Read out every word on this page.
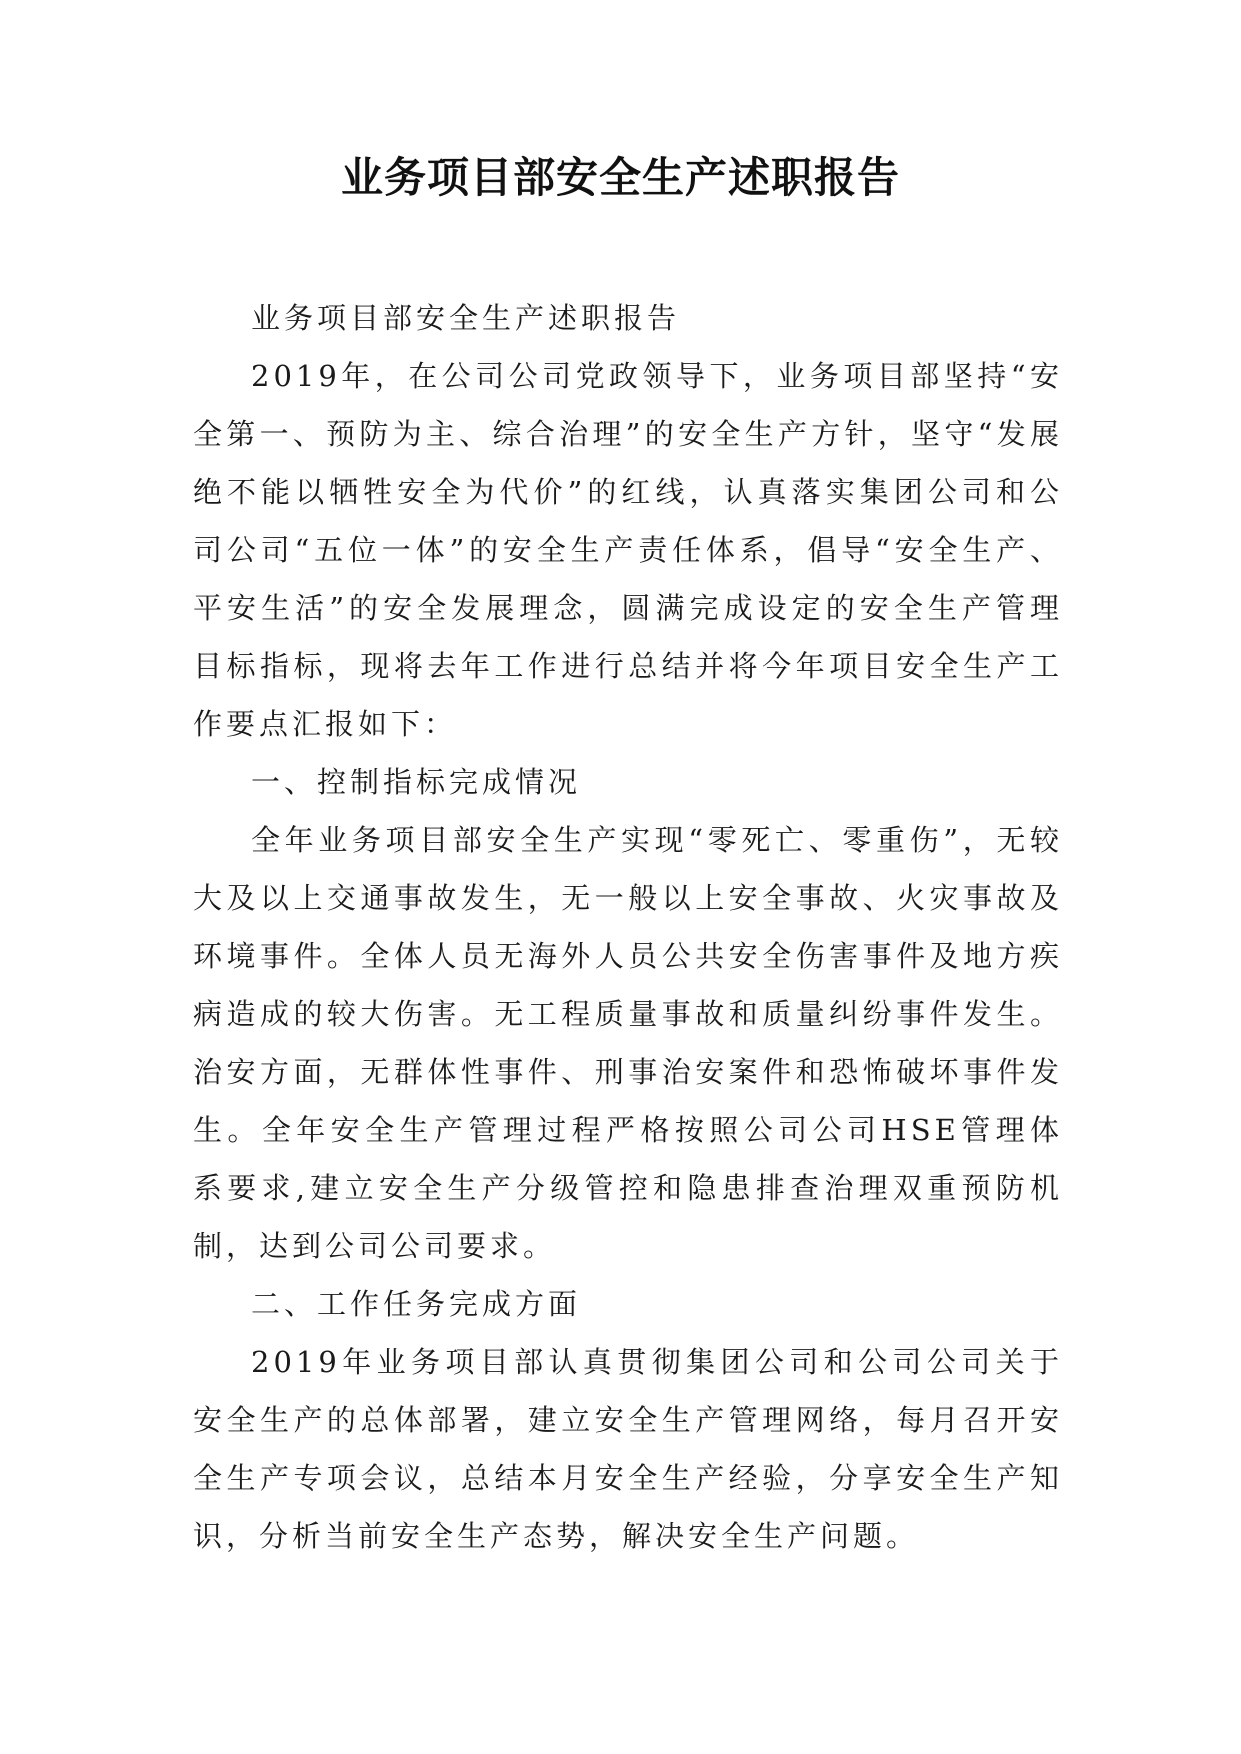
业务项目部安全生产述职报告

业务项目部安全生产述职报告

2019年，在公司公司党政领导下，业务项目部坚持“安全第一、预防为主、综合治理”的安全生产方针，坚守“发展绝不能以牺牲安全为代价”的红线，认真落实集团公司和公司公司“五位一体”的安全生产责任体系，倡导“安全生产、平安生活”的安全发展理念，圆满完成设定的安全生产管理目标指标，现将去年工作进行总结并将今年项目安全生产工作要点汇报如下：

一、控制指标完成情况

全年业务项目部安全生产实现“零死亡、零重伤”，无较大及以上交通事故发生，无一般以上安全事故、火灾事故及环境事件。全体人员无海外人员公共安全伤害事件及地方疾病造成的较大伤害。无工程质量事故和质量纠纷事件发生。治安方面，无群体性事件、刑事治安案件和恐怖破坏事件发生。全年安全生产管理过程严格按照公司公司HSE管理体系要求,建立安全生产分级管控和隐患排查治理双重预防机制，达到公司公司要求。

二、工作任务完成方面

2019年业务项目部认真贯彻集团公司和公司公司关于安全生产的总体部署，建立安全生产管理网络，每月召开安全生产专项会议，总结本月安全生产经验，分享安全生产知识，分析当前安全生产态势，解决安全生产问题。
